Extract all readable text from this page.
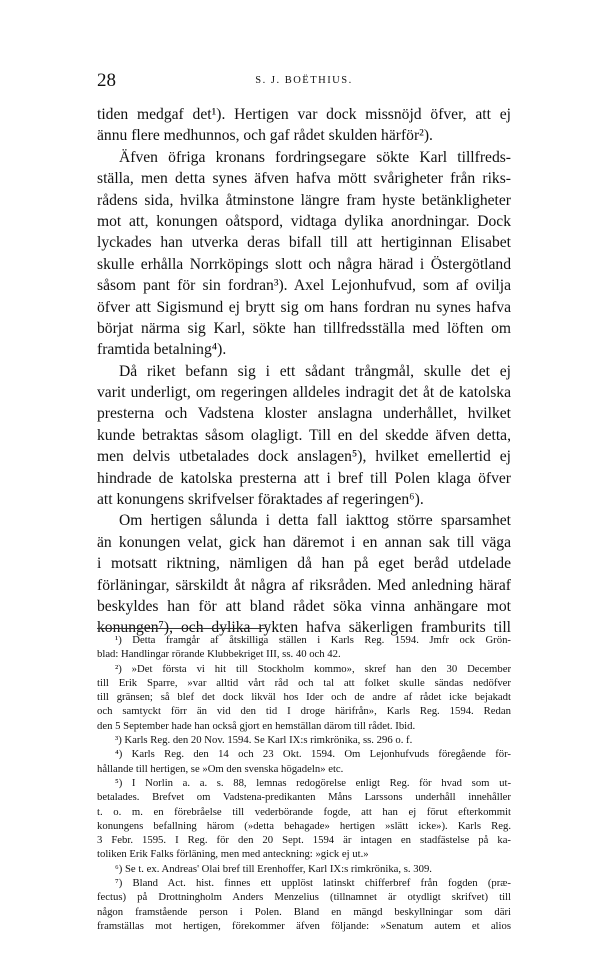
28	S. J. BOËTHIUS.
tiden medgaf det¹). Hertigen var dock missnöjd öfver, att ej
ännu flere medhunnos, och gaf rådet skulden härför²).
Äfven öfriga kronans fordringsegare sökte Karl tillfreds-
ställa, men detta synes äfven hafva mött svårigheter från riks-
rådens sida, hvilka åtminstone längre fram hyste betänkligheter
mot att, konungen oåtspord, vidtaga dylika anordningar. Dock
lyckades han utverka deras bifall till att hertiginnan Elisabet
skulle erhålla Norrköpings slott och några härad i Östergötland
såsom pant för sin fordran³). Axel Lejonhufvud, som af ovilja
öfver att Sigismund ej brytt sig om hans fordran nu synes hafva
börjat närma sig Karl, sökte han tillfredsställa med löften om
framtida betalning⁴).
Då riket befann sig i ett sådant trångmål, skulle det ej
varit underligt, om regeringen alldeles indragit det åt de katolska
presterna och Vadstena kloster anslagna underhållet, hvilket
kunde betraktas såsom olagligt. Till en del skedde äfven detta,
men delvis utbetalades dock anslagen⁵), hvilket emellertid ej
hindrade de katolska presterna att i bref till Polen klaga öfver
att konungens skrifvelser föraktades af regeringen⁶).
Om hertigen sålunda i detta fall iakttog större sparsamhet
än konungen velat, gick han däremot i en annan sak till väga
i motsatt riktning, nämligen då han på eget beråd utdelade
förläningar, särskildt åt några af riksråden. Med anledning häraf
beskyldes han för att bland rådet söka vinna anhängare mot
konungen⁷), och dylika rykten hafva säkerligen framburits till
¹) Detta framgår af åtskilliga ställen i Karls Reg. 1594. Jmfr ock Grön-
blad: Handlingar rörande Klubbekriget III, ss. 40 och 42.
²) »Det första vi hit till Stockholm kommo», skref han den 30 December
till Erik Sparre, »var alltid vårt råd och tal att folket skulle sändas nedöfver
till gränsen; så blef det dock likväl hos Ider och de andre af rådet icke bejakadt
och samtyckt förr än vid den tid I droge härifrån», Karls Reg. 1594. Redan
den 5 September hade han också gjort en hemställan därom till rådet. Ibid.
³) Karls Reg. den 20 Nov. 1594. Se Karl IX:s rimkrönika, ss. 296 o. f.
⁴) Karls Reg. den 14 och 23 Okt. 1594. Om Lejonhufvuds föregående för-
hållande till hertigen, se »Om den svenska högadeln» etc.
⁵) I Norlin a. a. s. 88, lemnas redogörelse enligt Reg. för hvad som ut-
betalades. Brefvet om Vadstena-predikanten Måns Larssons underhåll innehåller
t. o. m. en förebråelse till vederbörande fogde, att han ej förut efterkommit
konungens befallning härom (»detta behagade» hertigen »slätt icke»). Karls Reg.
3 Febr. 1595. I Reg. för den 20 Sept. 1594 är intagen en stadfästelse på ka-
toliken Erik Falks förläning, men med anteckning: »gick ej ut.»
⁶) Se t. ex. Andreas' Olai bref till Erenhoffer, Karl IX:s rimkrönika, s. 309.
⁷) Bland Act. hist. finnes ett upplöst latinskt chifferbref från fogden (præ-
fectus) på Drottningholm Anders Menzelius (tillnamnet är otydligt skrifvet) till
någon framstående person i Polen. Bland en mängd beskyllningar som däri
framställas mot hertigen, förekommer äfven följande: »Senatum autem et alios
